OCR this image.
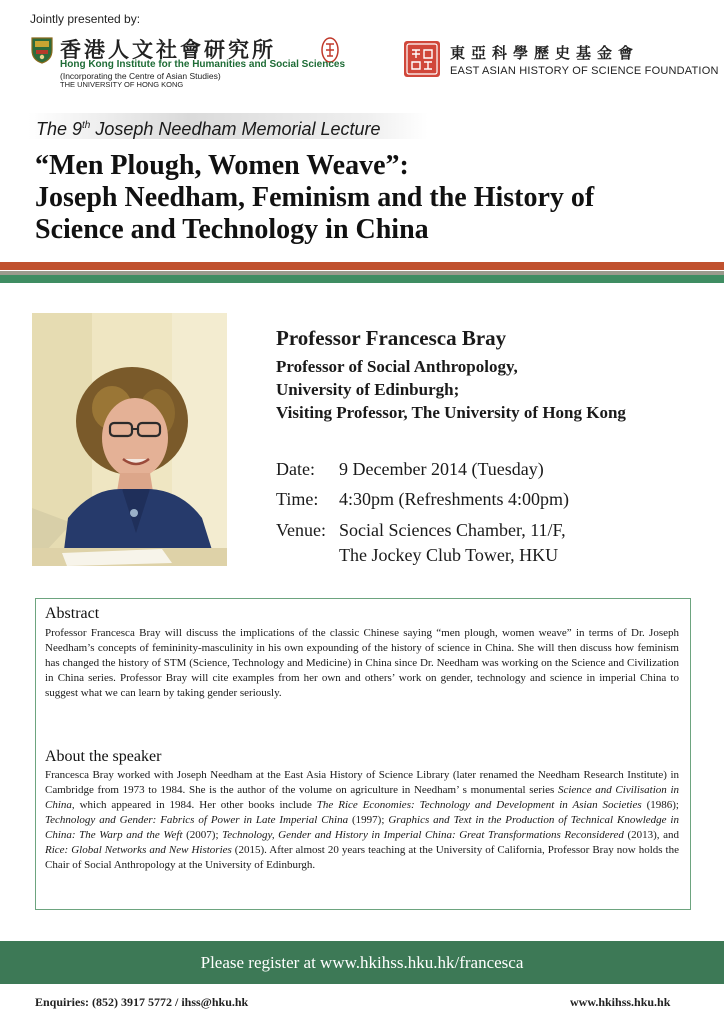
Jointly presented by:
香港人文社會研究所
Hong Kong Institute for the Humanities and Social Sciences
(Incorporating the Centre of Asian Studies)
THE UNIVERSITY OF HONG KONG
東亞科學歷史基金會
EAST ASIAN HISTORY OF SCIENCE FOUNDATION
The 9th Joseph Needham Memorial Lecture
“Men Plough, Women Weave”:
Joseph Needham, Feminism and the History of
Science and Technology in China
Professor Francesca Bray
Professor of Social Anthropology,
University of Edinburgh;
Visiting Professor, The University of Hong Kong
Date: 9 December 2014 (Tuesday)
Time: 4:30pm (Refreshments 4:00pm)
Venue: Social Sciences Chamber, 11/F,
The Jockey Club Tower, HKU
Abstract
Professor Francesca Bray will discuss the implications of the classic Chinese saying “men plough, women weave” in terms of Dr. Joseph Needham’s concepts of femininity-masculinity in his own expounding of the history of science in China. She will then discuss how feminism has changed the history of STM (Science, Technology and Medicine) in China since Dr. Needham was working on the Science and Civilization in China series. Professor Bray will cite examples from her own and others’ work on gender, technology and science in imperial China to suggest what we can learn by taking gender seriously.
About the speaker
Francesca Bray worked with Joseph Needham at the East Asia History of Science Library (later renamed the Needham Research Institute) in Cambridge from 1973 to 1984. She is the author of the volume on agriculture in Needham’ s monumental series Science and Civilisation in China, which appeared in 1984. Her other books include The Rice Economies: Technology and Development in Asian Societies (1986); Technology and Gender: Fabrics of Power in Late Imperial China (1997); Graphics and Text in the Production of Technical Knowledge in China: The Warp and the Weft (2007); Technology, Gender and History in Imperial China: Great Transformations Reconsidered (2013), and Rice: Global Networks and New Histories (2015). After almost 20 years teaching at the University of California, Professor Bray now holds the Chair of Social Anthropology at the University of Edinburgh.
Please register at www.hkihss.hku.hk/francesca
Enquiries: (852) 3917 5772 / ihss@hku.hk	www.hkihss.hku.hk
